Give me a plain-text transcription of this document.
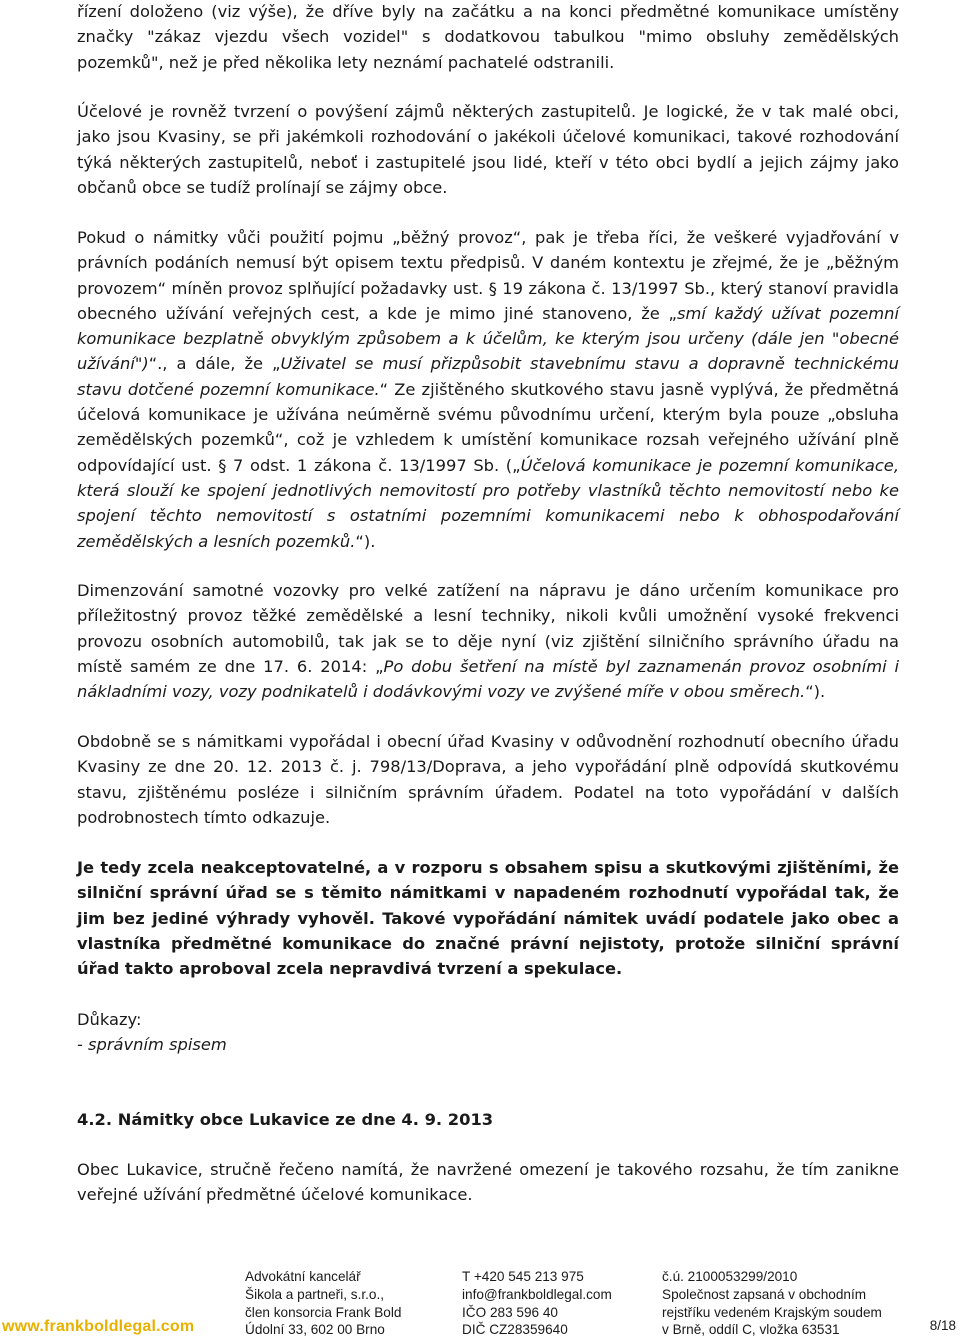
řízení doloženo (viz výše), že dříve byly na začátku a na konci předmětné komunikace umístěny značky "zákaz vjezdu všech vozidel" s dodatkovou tabulkou "mimo obsluhy zemědělských pozemků", než je před několika lety neznámí pachatelé odstranili.

Účelové je rovněž tvrzení o povýšení zájmů některých zastupitelů. Je logické, že v tak malé obci, jako jsou Kvasiny, se při jakémkoli rozhodování o jakékoli účelové komunikaci, takové rozhodování týká některých zastupitelů, neboť i zastupitelé jsou lidé, kteří v této obci bydlí a jejich zájmy jako občanů obce se tudíž prolínají se zájmy obce.

Pokud o námitky vůči použití pojmu „běžný provoz“, pak je třeba říci, že veškeré vyjadřování v právních podáních nemusí být opisem textu předpisů. V daném kontextu je zřejmé, že je „běžným provozem“ míněn provoz splňující požadavky ust. § 19 zákona č. 13/1997 Sb., který stanoví pravidla obecného užívání veřejných cest, a kde je mimo jiné stanoveno, že „smí každý užívat pozemní komunikace bezplatně obvyklým způsobem a k účelům, ke kterým jsou určeny (dále jen "obecné užívání")“., a dále, že „Uživatel se musí přizpůsobit stavebnímu stavu a dopravně technickému stavu dotčené pozemní komunikace.“ Ze zjištěného skutkového stavu jasně vyplývá, že předmětná účelová komunikace je užívána neúměrně svému původnímu určení, kterým byla pouze „obsluha zemědělských pozemků“, což je vzhledem k umístění komunikace rozsah veřejného užívání plně odpovídající ust. § 7 odst. 1 zákona č. 13/1997 Sb. („Účelová komunikace je pozemní komunikace, která slouží ke spojení jednotlivých nemovitostí pro potřeby vlastníků těchto nemovitostí nebo ke spojení těchto nemovitostí s ostatními pozemními komunikacemi nebo k obhospodařování zemědělských a lesních pozemků.“).

Dimenzování samotné vozovky pro velké zatížení na nápravu je dáno určením komunikace pro příležitostný provoz těžké zemědělské a lesní techniky, nikoli kvůli umožnění vysoké frekvenci provozu osobních automobilů, tak jak se to děje nyní (viz zjištění silničního správního úřadu na místě samém ze dne 17. 6. 2014: „Po dobu šetření na místě byl zaznamenán provoz osobními i nákladními vozy, vozy podnikatelů i dodávkovými vozy ve zvýšené míře v obou směrech.“).

Obdobně se s námitkami vypořádal i obecní úřad Kvasiny v odůvodnění rozhodnutí obecního úřadu Kvasiny ze dne 20. 12. 2013 č. j. 798/13/Doprava, a jeho vypořádání plně odpovídá skutkovému stavu, zjištěnému posléze i silničním správním úřadem. Podatel na toto vypořádání v dalších podrobnostech tímto odkazuje.

Je tedy zcela neakceptovatelné, a v rozporu s obsahem spisu a skutkovými zjištěními, že silniční správní úřad se s těmito námitkami v napadeném rozhodnutí vypořádal tak, že jim bez jediné výhrady vyhověl. Takové vypořádání námitek uvádí podatele jako obec a vlastníka předmětné komunikace do značné právní nejistoty, protože silniční správní úřad takto aproboval zcela nepravdivá tvrzení a spekulace.

Důkazy:

- správním spisem

4.2. Námitky obce Lukavice ze dne 4. 9. 2013

Obec Lukavice, stručně řečeno namítá, že navržené omezení je takového rozsahu, že tím zanikne veřejné užívání předmětné účelové komunikace.

www.frankboldlegal.com
Advokátní kancelář
Šikola a partneři, s.r.o.,
člen konsorcia Frank Bold
Údolní 33, 602 00 Brno
T +420 545 213 975
info@frankboldlegal.com
IČO 283 596 40
DIČ CZ28359640
č.ú. 2100053299/2010
Společnost zapsaná v obchodním
rejstříku vedeném Krajským soudem
v Brně, oddíl C, vložka 63531	8/18
